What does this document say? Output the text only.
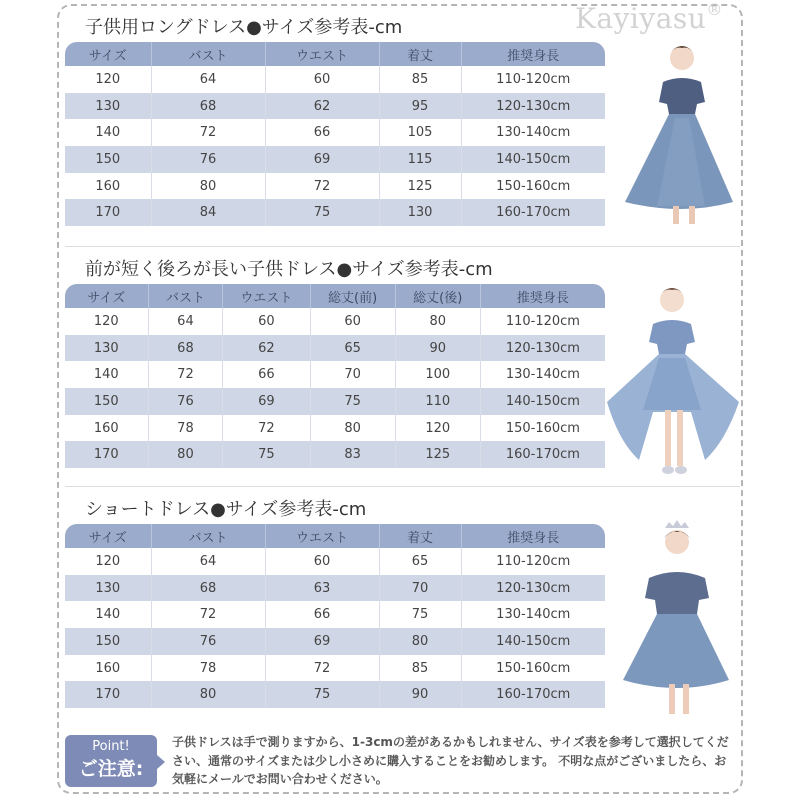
Kayiyasu®
子供用ロングドレス●サイズ参考表-cm
サイズ	バスト	ウエスト	着丈	推奨身長
120	64	60	85	110-120cm
130	68	62	95	120-130cm
140	72	66	105	130-140cm
150	76	69	115	140-150cm
160	80	72	125	150-160cm
170	84	75	130	160-170cm
前が短く後ろが長い子供ドレス●サイズ参考表-cm
サイズ	バスト	ウエスト	総丈(前)	総丈(後)	推奨身長
120	64	60	60	80	110-120cm
130	68	62	65	90	120-130cm
140	72	66	70	100	130-140cm
150	76	69	75	110	140-150cm
160	78	72	80	120	150-160cm
170	80	75	83	125	160-170cm
ショートドレス●サイズ参考表-cm
サイズ	バスト	ウエスト	着丈	推奨身長
120	64	60	65	110-120cm
130	68	63	70	120-130cm
140	72	66	75	130-140cm
150	76	69	80	140-150cm
160	78	72	85	150-160cm
170	80	75	90	160-170cm
Point!
ご注意:
子供ドレスは手で測りますから、1-3cmの差があるかもしれません、サイズ表を参考して選択してください、通常のサイズまたは少し小さめに購入することをお勧めします。 不明な点がございましたら、お気軽にメールでお問い合わせください。
